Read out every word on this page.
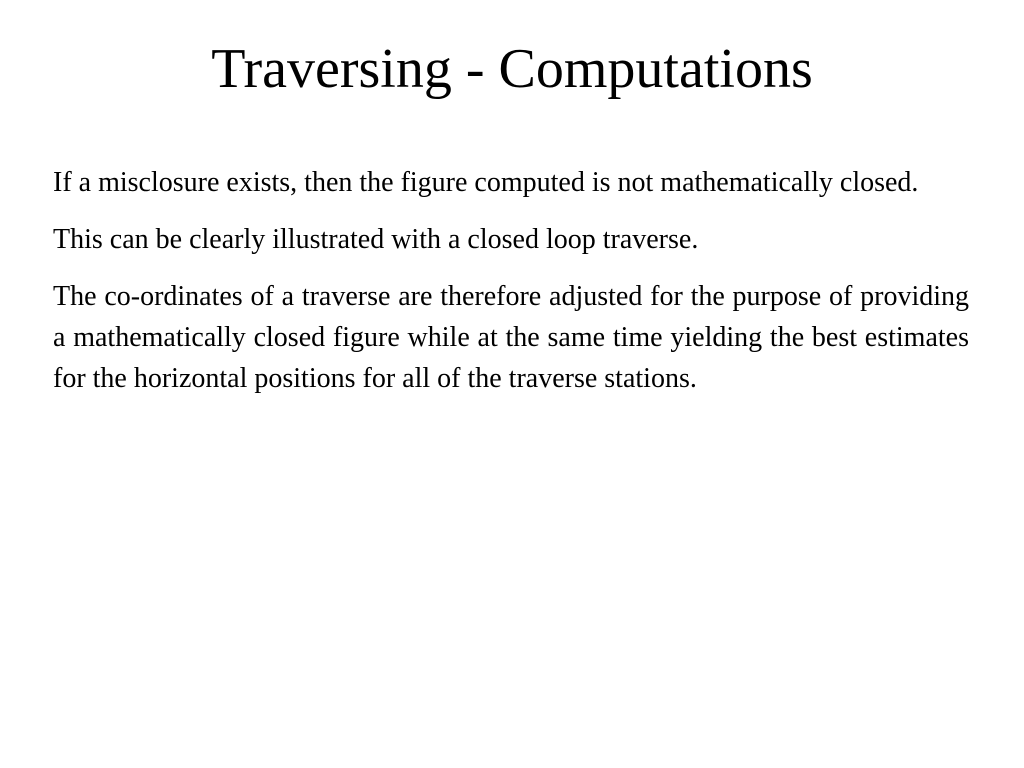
Traversing - Computations

If a misclosure exists, then the figure computed is not mathematically closed.

This can be clearly illustrated with a closed loop traverse.

The co-ordinates of a traverse are therefore adjusted for the purpose of providing a mathematically closed figure while at the same time yielding the best estimates for the horizontal positions for all of the traverse stations.
